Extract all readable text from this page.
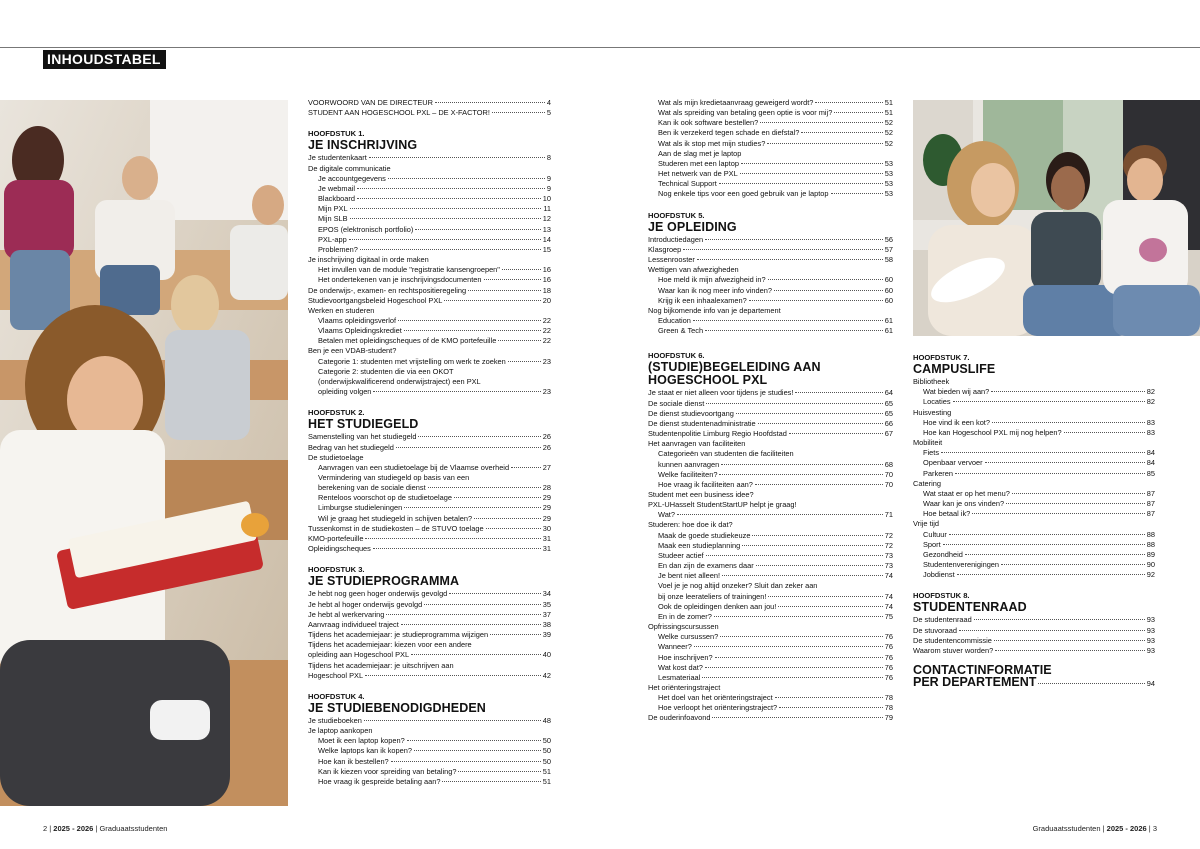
INHOUDSTABEL
VOORWOORD VAN DE DIRECTEUR	4
STUDENT AAN HOGESCHOOL PXL – DE X-FACTOR!	5
HOOFDSTUK 1.
JE INSCHRIJVING
Je studentenkaart	8
De digitale communicatie
Je accountgegevens	9
Je webmail	9
Blackboard	10
Mijn PXL	11
Mijn SLB	12
EPOS (elektronisch portfolio)	13
PXL-app	14
Problemen?	15
Je inschrijving digitaal in orde maken
Het invullen van de module "registratie kansengroepen"	16
Het ondertekenen van je inschrijvingsdocumenten	16
De onderwijs-, examen- en rechtspositieregeling	18
Studievoortgangsbeleid Hogeschool PXL	20
Werken en studeren
Vlaams opleidingsverlof	22
Vlaams Opleidingskrediet	22
Betalen met opleidingscheques of de KMO portefeuille	22
Ben je een VDAB-student?
Categorie 1: studenten met vrijstelling om werk te zoeken	23
Categorie 2: studenten die via een OKOT
(onderwijskwalificerend onderwijstraject) een PXL
opleiding volgen	23
HOOFDSTUK 2.
HET STUDIEGELD
Samenstelling van het studiegeld	26
Bedrag van het studiegeld	26
De studietoelage
Aanvragen van een studietoelage bij de Vlaamse overheid	27
Vermindering van studiegeld op basis van een
berekening van de sociale dienst	28
Renteloos voorschot op de studietoelage	29
Limburgse studieleningen	29
Wil je graag het studiegeld in schijven betalen?	29
Tussenkomst in de studiekosten – de STUVO toelage	30
KMO-portefeuille	31
Opleidingscheques	31
HOOFDSTUK 3.
JE STUDIEPROGRAMMA
Je hebt nog geen hoger onderwijs gevolgd	34
Je hebt al hoger onderwijs gevolgd	35
Je hebt al werkervaring	37
Aanvraag individueel traject	38
Tijdens het academiejaar: je studieprogramma wijzigen	39
Tijdens het academiejaar: kiezen voor een andere
opleiding aan Hogeschool PXL	40
Tijdens het academiejaar: je uitschrijven aan
Hogeschool PXL	42
HOOFDSTUK 4.
JE STUDIEBENODIGDHEDEN
Je studieboeken	48
Je laptop aankopen
Moet ik een laptop kopen?	50
Welke laptops kan ik kopen?	50
Hoe kan ik bestellen?	50
Kan ik kiezen voor spreiding van betaling?	51
Hoe vraag ik gespreide betaling aan?	51
Wat als mijn kredietaanvraag geweigerd wordt?	51
Wat als spreiding van betaling geen optie is voor mij?	51
Kan ik ook software bestellen?	52
Ben ik verzekerd tegen schade en diefstal?	52
Wat als ik stop met mijn studies?	52
Aan de slag met je laptop
Studeren met een laptop	53
Het netwerk van de PXL	53
Technical Support	53
Nog enkele tips voor een goed gebruik van je laptop	53
HOOFDSTUK 5.
JE OPLEIDING
Introductiedagen	56
Klasgroep	57
Lessenrooster	58
Wettigen van afwezigheden
Hoe meld ik mijn afwezigheid in?	60
Waar kan ik nog meer info vinden?	60
Krijg ik een inhaalexamen?	60
Nog bijkomende info van je departement
Education	61
Green & Tech	61
HOOFDSTUK 6.
(STUDIE)BEGELEIDING AAN
HOGESCHOOL PXL
Je staat er niet alleen voor tijdens je studies!	64
De sociale dienst	65
De dienst studievoortgang	65
De dienst studentenadministratie	66
Studentenpolitie Limburg Regio Hoofdstad	67
Het aanvragen van faciliteiten
Categorieën van studenten die faciliteiten
kunnen aanvragen	68
Welke faciliteiten?	70
Hoe vraag ik faciliteiten aan?	70
Student met een business idee?
PXL-UHasselt StudentStartUP helpt je graag!
Wat?	71
Studeren: hoe doe ik dat?
Maak de goede studiekeuze	72
Maak een studieplanning	72
Studeer actief	73
En dan zijn de examens daar	73
Je bent niet alleen!	74
Voel je je nog altijd onzeker? Sluit dan zeker aan
bij onze leerateliers of trainingen!	74
Ook de opleidingen denken aan jou!	74
En in de zomer?	75
Opfrissingscursussen
Welke cursussen?	76
Wanneer?	76
Hoe inschrijven?	76
Wat kost dat?	76
Lesmateriaal	76
Het oriënteringstraject
Het doel van het oriënteringstraject	78
Hoe verloopt het oriënteringstraject?	78
De ouderinfoavond	79
HOOFDSTUK 7.
CAMPUSLIFE
Bibliotheek
Wat bieden wij aan?	82
Locaties	82
Huisvesting
Hoe vind ik een kot?	83
Hoe kan Hogeschool PXL mij nog helpen?	83
Mobiliteit
Fiets	84
Openbaar vervoer	84
Parkeren	85
Catering
Wat staat er op het menu?	87
Waar kan je ons vinden?	87
Hoe betaal ik?	87
Vrije tijd
Cultuur	88
Sport	88
Gezondheid	89
Studentenverenigingen	90
Jobdienst	92
HOOFDSTUK 8.
STUDENTENRAAD
De studentenraad	93
De stuvoraad	93
De studentencommissie	93
Waarom stuver worden?	93
CONTACTINFORMATIE
PER DEPARTEMENT	94
2 | 2025 - 2026 | Graduaatsstudenten	Graduaatsstudenten | 2025 - 2026 | 3
